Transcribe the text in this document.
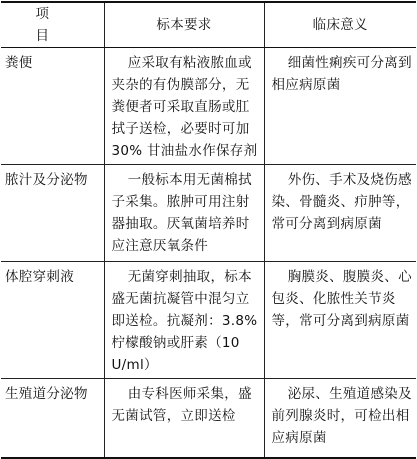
项　目	标本要求	临床意义
粪便	应采取有粘液脓血或夹杂的有伪膜部分，无粪便者可采取直肠或肛拭子送检，必要时可加 30% 甘油盐水作保存剂	细菌性痢疾可分离到相应病原菌
脓汁及分泌物	一般标本用无菌棉拭子采集。脓肿可用注射器抽取。厌氧菌培养时应注意厌氧条件	外伤、手术及烧伤感染、骨髓炎、疖肿等，常可分离到病原菌
体腔穿刺液	无菌穿刺抽取，标本盛无菌抗凝管中混匀立即送检。抗凝剂：3.8% 柠檬酸钠或肝素（10 U/ml）	胸膜炎、腹膜炎、心包炎、化脓性关节炎等，常可分离到病原菌
生殖道分泌物	由专科医师采集，盛无菌试管，立即送检	泌尿、生殖道感染及前列腺炎时，可检出相应病原菌
